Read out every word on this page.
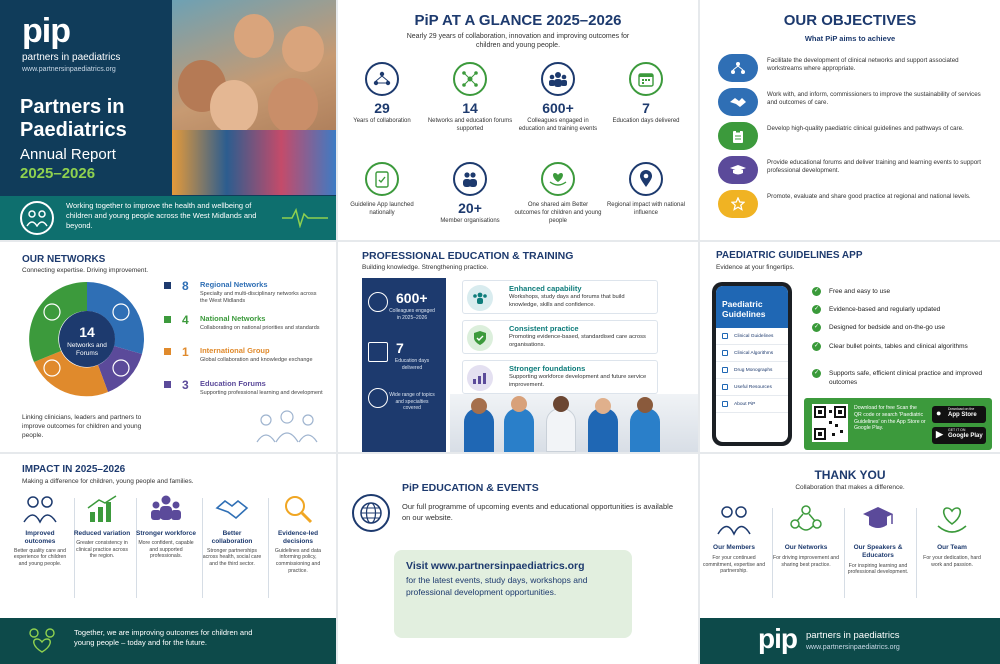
pip
partners in paediatrics
www.partnersinpaediatrics.org
Partners in Paediatrics
Annual Report
2025–2026
Working together to improve the health and wellbeing of children and young people across the West Midlands and beyond.
PiP AT A GLANCE 2025–2026
Nearly 29 years of collaboration, innovation and improving outcomes for children and young people.
29
Years of collaboration
14
Networks and education forums supported
600+
Colleagues engaged in education and training events
7
Education days delivered
Guideline App launched nationally	20+
Member organisations
One shared aim Better outcomes for children and young people
Regional impact with national influence
OUR OBJECTIVES
What PiP aims to achieve
Facilitate the development of clinical networks and support associated workstreams where appropriate.
Work with, and inform, commissioners to improve the sustainability of services and outcomes of care.
Develop high-quality paediatric clinical guidelines and pathways of care.
Provide educational forums and deliver training and learning events to support professional development.
Promote, evaluate and share good practice at regional and national levels.
OUR NETWORKS
Connecting expertise. Driving improvement.
14
Networks and Forums
8 Regional Networks
Specialty and multi-disciplinary networks across the West Midlands
4 National Networks
Collaborating on national priorities and standards
1 International Group
Global collaboration and knowledge exchange
3 Education Forums
Supporting professional learning and development
Linking clinicians, leaders and partners to improve outcomes for children and young people.
PROFESSIONAL EDUCATION & TRAINING
Building knowledge. Strengthening practice.
600+
Colleagues engaged in 2025–2026
7
Education days delivered
Wide range of topics and specialties covered
Enhanced capability
Workshops, study days and forums that build knowledge, skills and confidence.
Consistent practice
Promoting evidence-based, standardised care across organisations.
Stronger foundations
Supporting workforce development and future service improvement.
PAEDIATRIC GUIDELINES APP
Evidence at your fingertips.
Paediatric Guidelines
Clinical Guidelines
Clinical Algorithms
Drug Monographs
Useful Resources
About PiP
✓	Free and easy to use
✓	Evidence-based and regularly updated
✓	Designed for bedside and on-the-go use
✓	Clear bullet points, tables and clinical algorithms
✓	Supports safe, efficient clinical practice and improved outcomes
Download for free Scan the QR code or search 'Paediatric Guidelines' on the App Store or Google Play.
● Download on the
App Store
▶ GET IT ON
Google Play
IMPACT IN 2025–2026
Making a difference for children, young people and families.
Improved outcomes
Better quality care and experience for children and young people.
Reduced variation
Greater consistency in clinical practice across the region.
Stronger workforce
More confident, capable and supported professionals.
Better collaboration
Stronger partnerships across health, social care and the third sector.
Evidence-led decisions
Guidelines and data informing policy, commissioning and practice.
Together, we are improving outcomes for children and young people – today and for the future.
PiP EDUCATION & EVENTS
Our full programme of upcoming events and educational opportunities is available on our website.
Visit www.partnersinpaediatrics.org
for the latest events, study days, workshops and professional development opportunities.
THANK YOU
Collaboration that makes a difference.
Our Members
For your continued commitment, expertise and partnership.
Our Networks
For driving improvement and sharing best practice.
Our Speakers & Educators
For inspiring learning and professional development.
Our Team
For your dedication, hard work and passion.
pip partners in paediatrics
www.partnersinpaediatrics.org
